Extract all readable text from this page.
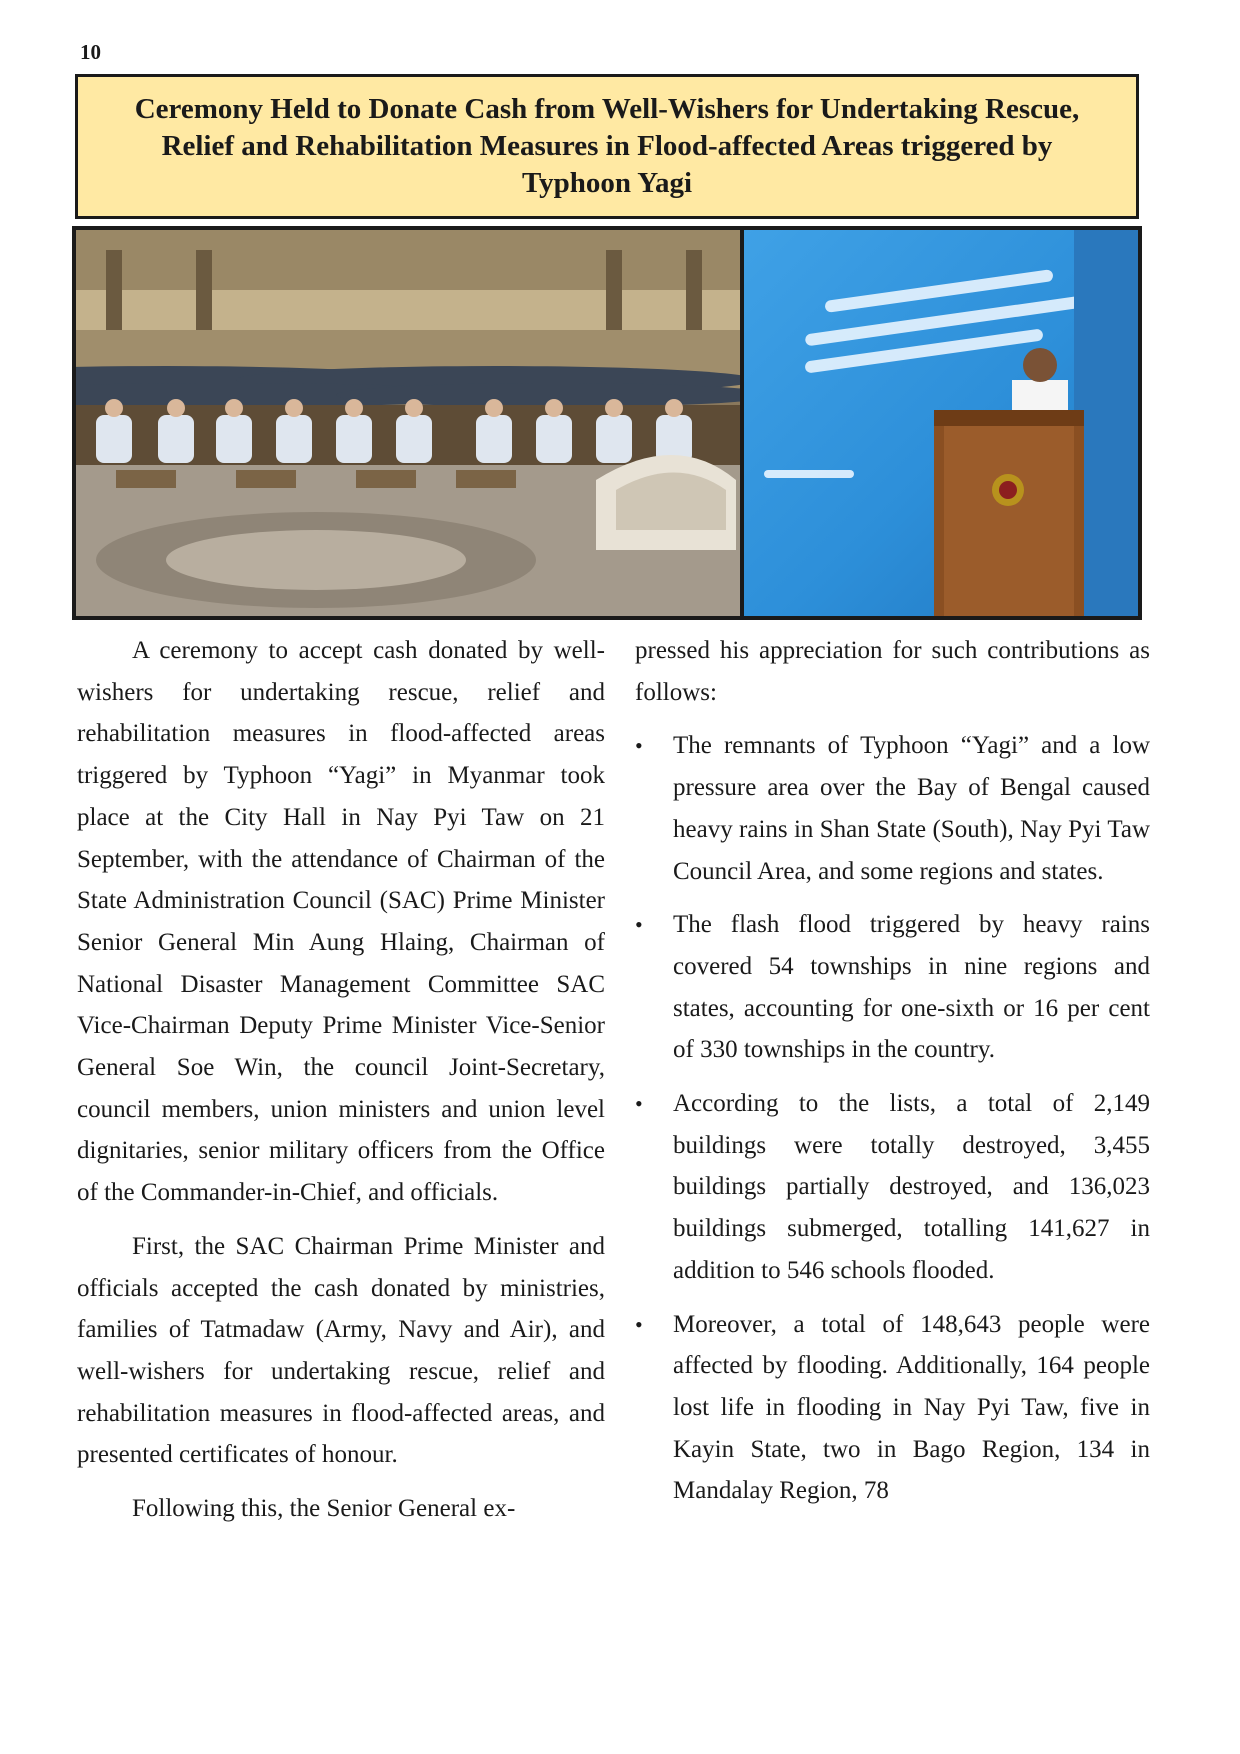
10
Ceremony Held to Donate Cash from Well-Wishers for Undertaking Rescue,
Relief and Rehabilitation Measures in Flood-affected Areas triggered by
Typhoon Yagi

A ceremony to accept cash donated by well-wishers for undertaking rescue, relief and rehabilitation measures in flood-affected areas triggered by Typhoon “Yagi” in Myanmar took place at the City Hall in Nay Pyi Taw on 21 September, with the attendance of Chairman of the State Administration Council (SAC) Prime Minister Senior General Min Aung Hlaing, Chairman of National Disaster Management Committee SAC Vice-Chairman Deputy Prime Minister Vice-Senior General Soe Win, the council Joint-Secretary, council members, union ministers and union level dignitaries, senior military officers from the Office of the Commander-in-Chief, and officials.

First, the SAC Chairman Prime Minister and officials accepted the cash donated by ministries, families of Tatmadaw (Army, Navy and Air), and well-wishers for undertaking rescue, relief and rehabilitation measures in flood-affected areas, and presented certificates of honour.

Following this, the Senior General ex-

pressed his appreciation for such contributions as follows:

• The remnants of Typhoon “Yagi” and a low pressure area over the Bay of Bengal caused heavy rains in Shan State (South), Nay Pyi Taw Council Area, and some regions and states.
• The flash flood triggered by heavy rains covered 54 townships in nine regions and states, accounting for one-sixth or 16 per cent of 330 townships in the country.
• According to the lists, a total of 2,149 buildings were totally destroyed, 3,455 buildings partially destroyed, and 136,023 buildings submerged, totalling 141,627 in addition to 546 schools flooded.
• Moreover, a total of 148,643 people were affected by flooding. Additionally, 164 people lost life in flooding in Nay Pyi Taw, five in Kayin State, two in Bago Region, 134 in Mandalay Region, 78
